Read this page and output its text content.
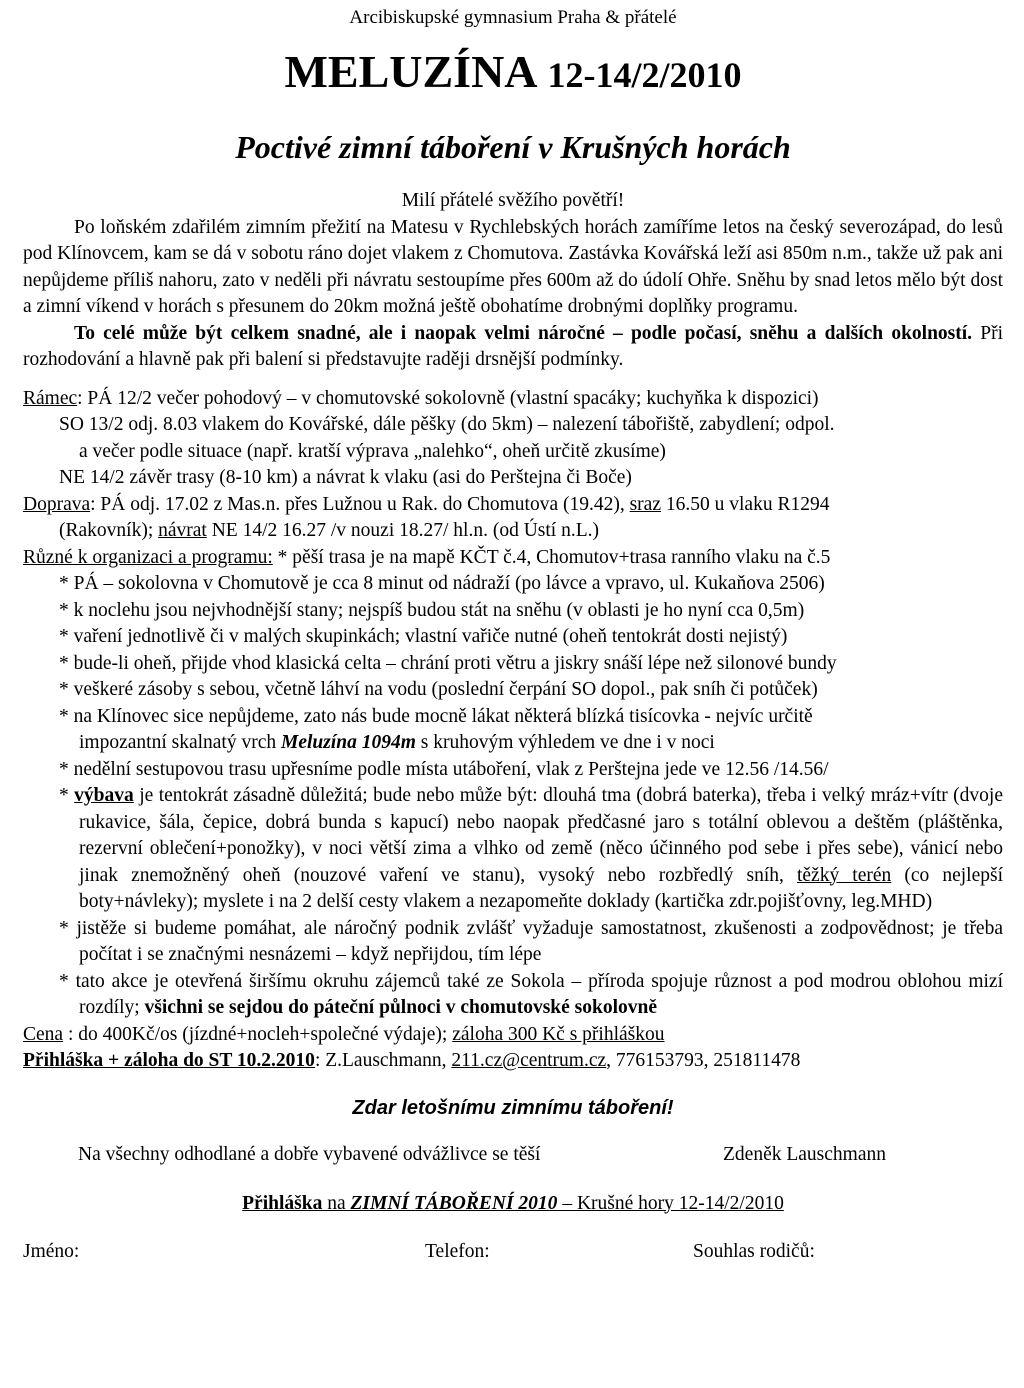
Arcibiskupské gymnasium Praha & přátelé
MELUZÍNA 12-14/2/2010
Poctivé zimní táboření v Krušných horách
Milí přátelé svěžího povětří!
Po loňském zdařilém zimním přežití na Matesu v Rychlebských horách zamíříme letos na český severozápad, do lesů pod Klínovcem, kam se dá v sobotu ráno dojet vlakem z Chomutova. Zastávka Kovářská leží asi 850m n.m., takže už pak ani nepůjdeme příliš nahoru, zato v neděli při návratu sestoupíme přes 600m až do údolí Ohře. Sněhu by snad letos mělo být dost a zimní víkend v horách s přesunem do 20km možná ještě obohatíme drobnými doplňky programu.
To celé může být celkem snadné, ale i naopak velmi náročné – podle počasí, sněhu a dalších okolností. Při rozhodování a hlavně pak při balení si představujte raději drsnější podmínky.
Rámec: PÁ 12/2 večer pohodový – v chomutovské sokolovně (vlastní spacáky; kuchyňka k dispozici)
SO 13/2 odj. 8.03 vlakem do Kovářské, dále pěšky (do 5km) – nalezení tábořiště, zabydlení; odpol.
a večer podle situace (např. kratší výprava „nalehko“, oheň určitě zkusíme)
NE 14/2 závěr trasy (8-10 km) a návrat k vlaku (asi do Perštejna či Boče)
Doprava: PÁ odj. 17.02 z Mas.n. přes Lužnou u Rak. do Chomutova (19.42), sraz 16.50 u vlaku R1294
(Rakovník); návrat NE 14/2 16.27 /v nouzi 18.27/ hl.n. (od Ústí n.L.)
Různé k organizaci a programu: * pěší trasa je na mapě KČT č.4, Chomutov+trasa ranního vlaku na č.5
* PÁ – sokolovna v Chomutově je cca 8 minut od nádraží (po lávce a vpravo, ul. Kukaňova 2506)
* k noclehu jsou nejvhodnější stany; nejspíš budou stát na sněhu (v oblasti je ho nyní cca 0,5m)
* vaření jednotlivě či v malých skupinkách; vlastní vařiče nutné (oheň tentokrát dosti nejistý)
* bude-li oheň, přijde vhod klasická celta – chrání proti větru a jiskry snáší lépe než silonové bundy
* veškeré zásoby s sebou, včetně láhví na vodu (poslední čerpání SO dopol., pak sníh či potůček)
* na Klínovec sice nepůjdeme, zato nás bude mocně lákat některá blízká tisícovka - nejvíc určitě
impozantní skalnatý vrch Meluzína 1094m s kruhovým výhledem ve dne i v noci
* nedělní sestupovou trasu upřesníme podle místa utáboření, vlak z Perštejna jede ve 12.56 /14.56/
* výbava je tentokrát zásadně důležitá; bude nebo může být: dlouhá tma (dobrá baterka), třeba i velký mráz+vítr (dvoje rukavice, šála, čepice, dobrá bunda s kapucí) nebo naopak předčasné jaro s totální oblevou a deštěm (pláštěnka, rezervní oblečení+ponožky), v noci větší zima a vlhko od země (něco účinného pod sebe i přes sebe), vánicí nebo jinak znemožněný oheň (nouzové vaření ve stanu), vysoký nebo rozbředlý sníh, těžký terén (co nejlepší boty+návleky); myslete i na 2 delší cesty vlakem a nezapomeňte doklady (kartička zdr.pojišťovny, leg.MHD)
* jistěže si budeme pomáhat, ale náročný podnik zvlášť vyžaduje samostatnost, zkušenosti a zodpovědnost; je třeba počítat i se značnými nesnázemi – když nepřijdou, tím lépe
* tato akce je otevřená širšímu okruhu zájemců také ze Sokola – příroda spojuje různost a pod modrou oblohou mizí rozdíly; všichni se sejdou do páteční půlnoci v chomutovské sokolovně
Cena : do 400Kč/os (jízdné+nocleh+společné výdaje); záloha 300 Kč s přihláškou
Přihláška + záloha do ST 10.2.2010: Z.Lauschmann, 211.cz@centrum.cz, 776153793, 251811478
Zdar letošnímu zimnímu táboření!
Na všechny odhodlané a dobře vybavené odvážlivce se těší	Zdeněk Lauschmann
Přihláška na ZIMNÍ TÁBOŘENÍ 2010 – Krušné hory 12-14/2/2010
Jméno:	Telefon:	Souhlas rodičů:
